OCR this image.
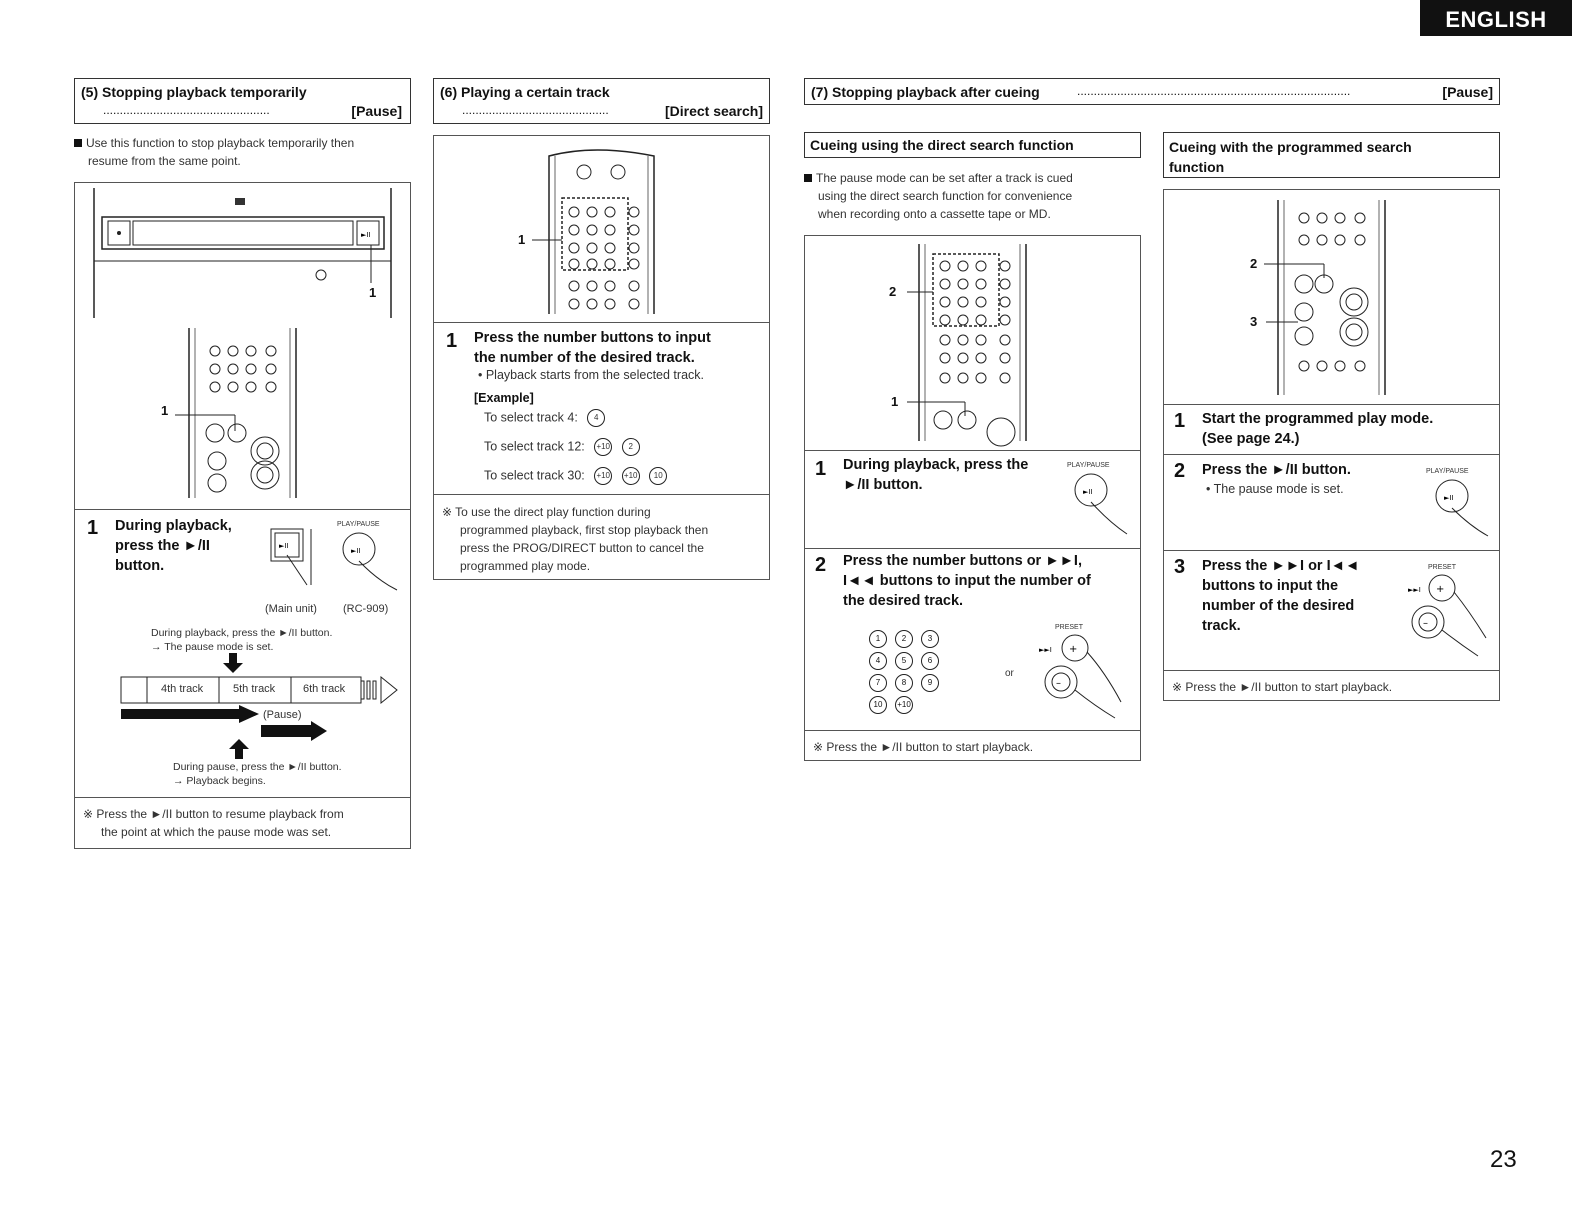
ENGLISH
(5) Stopping playback temporarily
..................................................	[Pause]
Use this function to stop playback temporarily then
resume from the same point.
►II
1
1
1 During playback,
press the ►/II
button.
PLAY/PAUSE
►II
►II
(Main unit) (RC-909)
During playback, press the ►/II button.
→ The pause mode is set.
4th track	5th track	6th track
(Pause)
During pause, press the ►/II button.
→ Playback begins.
※ Press the ►/II button to resume playback from
the point at which the pause mode was set.
(6) Playing a certain track
............................................	[Direct search]
1
1 Press the number buttons to input
the number of the desired track.
• Playback starts from the selected track.
[Example]
To select track 4: 4
To select track 12: +10 2
To select track 30: +10 +10 10
※ To use the direct play function during
programmed playback, first stop playback then
press the PROG/DIRECT button to cancel the
programmed play mode.
(7) Stopping playback after cueing	..................................................................................	[Pause]
Cueing using the direct search function
The pause mode can be set after a track is cued
using the direct search function for convenience
when recording onto a cassette tape or MD.
2
1
1 During playback, press the
►/II button.
PLAY/PAUSE
►II
2 Press the number buttons or ►►I,
I◄◄ buttons to input the number of
the desired track.
1	2	3
4	5	6
7	8	9
10 +10
or
PRESET
+
►►I
–
※ Press the ►/II button to start playback.
Cueing with the programmed search
function
2
3
1 Start the programmed play mode.
(See page 24.)
2 Press the ►/II button.
• The pause mode is set.
PLAY/PAUSE
►II
3 Press the ►►I or I◄◄
buttons to input the
number of the desired
track.
PRESET
+
►►I
–
※ Press the ►/II button to start playback.
23
